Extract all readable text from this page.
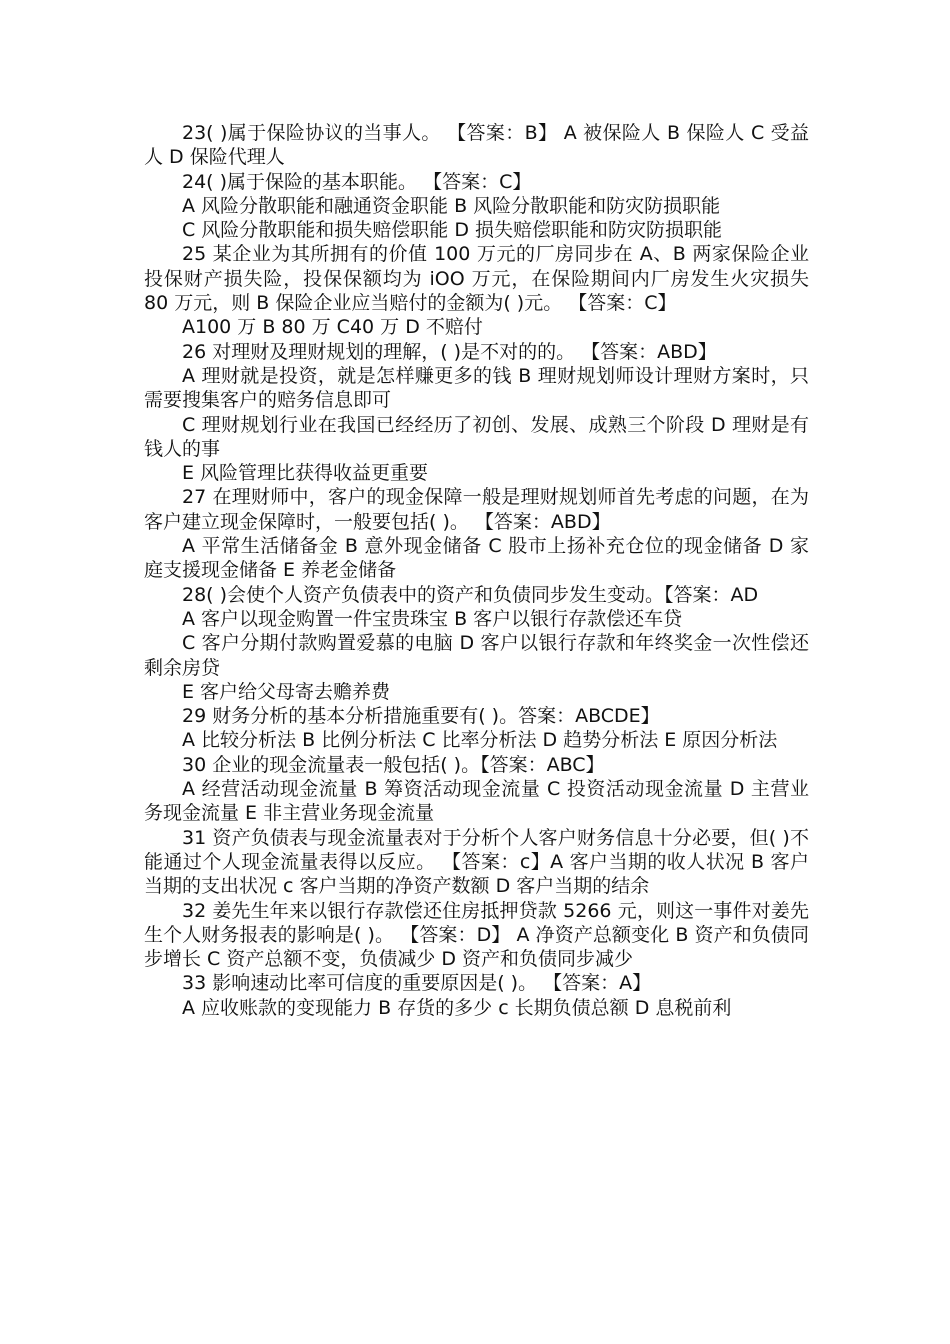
23( )属于保险协议的当事人。 【答案：B】 A 被保险人 B 保险人 C 受益人 D 保险代理人

24( )属于保险的基本职能。 【答案：C】

A 风险分散职能和融通资金职能 B 风险分散职能和防灾防损职能

C 风险分散职能和损失赔偿职能 D 损失赔偿职能和防灾防损职能

25 某企业为其所拥有的价值 100 万元的厂房同步在 A、B 两家保险企业投保财产损失险，投保保额均为 iOO 万元，在保险期间内厂房发生火灾损失 80 万元，则 B 保险企业应当赔付的金额为( )元。 【答案：C】

A100 万 B 80 万 C40 万 D 不赔付

26 对理财及理财规划的理解，( )是不对的的。 【答案：ABD】

A 理财就是投资，就是怎样赚更多的钱 B 理财规划师设计理财方案时，只需要搜集客户的赔务信息即可

C 理财规划行业在我国已经经历了初创、发展、成熟三个阶段 D 理财是有钱人的事

E 风险管理比获得收益更重要

27 在理财师中，客户的现金保障一般是理财规划师首先考虑的问题，在为客户建立现金保障时，一般要包括( )。 【答案：ABD】

A 平常生活储备金 B 意外现金储备 C 股市上扬补充仓位的现金储备 D 家庭支援现金储备 E 养老金储备

28( )会使个人资产负债表中的资产和负债同步发生变动。【答案：AD

A 客户以现金购置一件宝贵珠宝 B 客户以银行存款偿还车贷

C 客户分期付款购置爱慕的电脑 D 客户以银行存款和年终奖金一次性偿还剩余房贷

E 客户给父母寄去赡养费

29 财务分析的基本分析措施重要有( )。答案：ABCDE】

A 比较分析法 B 比例分析法 C 比率分析法 D 趋势分析法 E 原因分析法

30 企业的现金流量表一般包括( )。【答案：ABC】

A 经营活动现金流量 B 筹资活动现金流量 C 投资活动现金流量 D 主营业务现金流量 E 非主营业务现金流量

31 资产负债表与现金流量表对于分析个人客户财务信息十分必要，但( )不能通过个人现金流量表得以反应。 【答案：c】A 客户当期的收人状况 B 客户当期的支出状况 c 客户当期的净资产数额 D 客户当期的结余

32 姜先生年来以银行存款偿还住房抵押贷款 5266 元，则这一事件对姜先生个人财务报表的影响是( )。 【答案：D】 A 净资产总额变化 B 资产和负债同步增长 C 资产总额不变，负债减少 D 资产和负债同步减少

33 影响速动比率可信度的重要原因是( )。 【答案：A】

A 应收账款的变现能力 B 存货的多少 c 长期负债总额 D 息税前利
